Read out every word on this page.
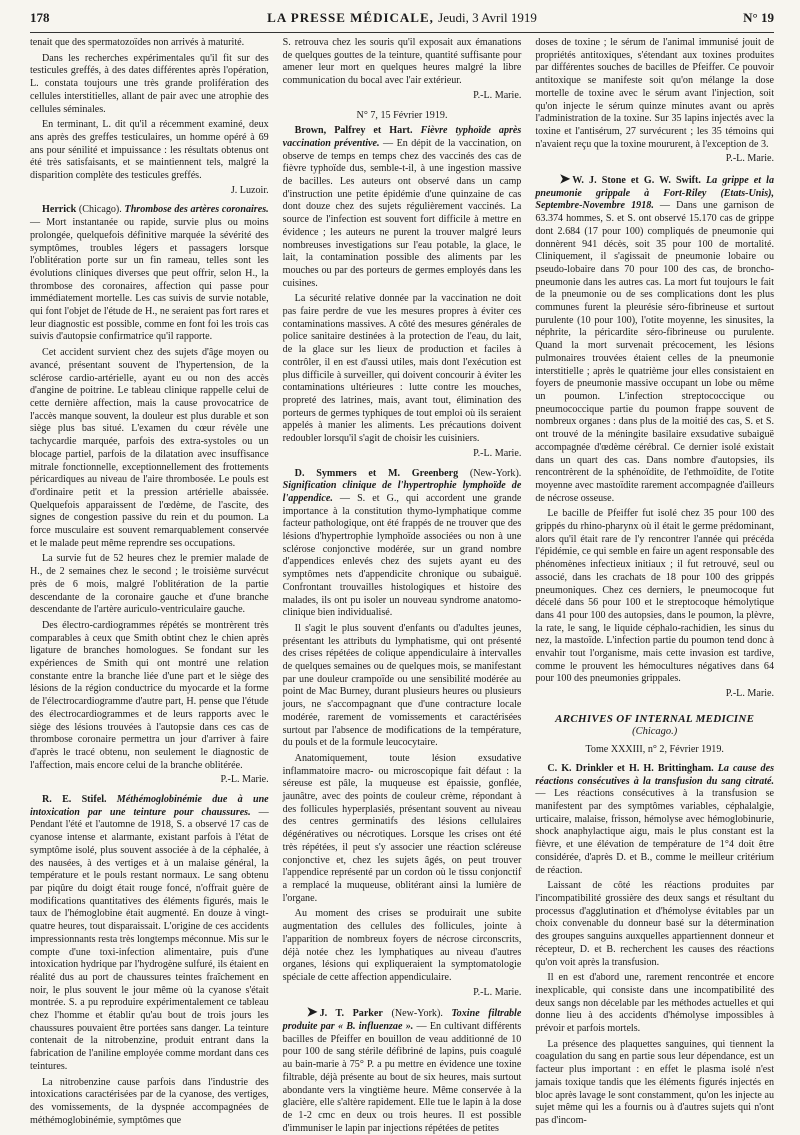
178	LA PRESSE MÉDICALE, Jeudi, 3 Avril 1919	N° 19

tenait que des spermatozoïdes non arrivés à maturité.

Dans les recherches expérimentales qu'il fit sur des testicules greffés, à des dates différentes après l'opération, L. constata toujours une très grande prolifération des cellules interstitielles, allant de pair avec une atrophie des cellules séminales.

En terminant, L. dit qu'il a récemment examiné, deux ans après des greffes testiculaires, un homme opéré à 69 ans pour sénilité et impuissance : les résultats obtenus ont été très satisfaisants, et se maintiennent tels, malgré la disparition complète des testicules greffés.

J. Luzoir.

Herrick (Chicago). Thrombose des artères coronaires. — Mort instantanée ou rapide, survie plus ou moins prolongée, quelquefois définitive marquée la sévérité des symptômes, troubles légers et passagers lorsque l'oblitération porte sur un fin rameau, telles sont les évolutions cliniques diverses que peut offrir, selon H., la thrombose des coronaires, affection qui passe pour immédiatement mortelle. Les cas suivis de survie notable, qui font l'objet de l'étude de H., ne seraient pas fort rares et leur diagnostic est possible, comme en font foi les trois cas suivis d'autopsie confirmatrice qu'il rapporte.

Cet accident survient chez des sujets d'âge moyen ou avancé, présentant souvent de l'hypertension, de la sclérose cardio-artérielle, ayant eu ou non des accès d'angine de poitrine. Le tableau clinique rappelle celui de cette dernière affection, mais la cause provocatrice de l'accès manque souvent, la douleur est plus durable et son siège plus bas situé. L'examen du cœur révèle une tachycardie marquée, parfois des extra-systoles ou un blocage partiel, parfois de la dilatation avec insuffisance mitrale fonctionnelle, exceptionnellement des frottements péricardiques au niveau de l'aire thrombosée. Le pouls est d'ordinaire petit et la pression artérielle abaissée. Quelquefois apparaissent de l'œdème, de l'ascite, des signes de congestion passive du rein et du poumon. La force musculaire est souvent remarquablement conservée et le malade peut même reprendre ses occupations.

La survie fut de 52 heures chez le premier malade de H., de 2 semaines chez le second ; le troisième survécut près de 6 mois, malgré l'oblitération de la partie descendante de la coronaire gauche et d'une branche descendante de l'artère auriculo-ventriculaire gauche.

Des électro-cardiogrammes répétés se montrèrent très comparables à ceux que Smith obtint chez le chien après ligature de branches homologues. Se fondant sur les expériences de Smith qui ont montré une relation constante entre la branche liée d'une part et le siège des lésions de la région conductrice du myocarde et la forme de l'électrocardiogramme d'autre part, H. pense que l'étude des électrocardiogrammes et de leurs rapports avec le siège des lésions trouvées à l'autopsie dans ces cas de thrombose coronaire permettra un jour d'arriver à faire d'après le tracé obtenu, non seulement le diagnostic de l'affection, mais encore celui de la branche oblitérée.

P.-L. Marie.

R. E. Stifel. Méthémoglobinémie due à une intoxication par une teinture pour chaussures. — Pendant l'été et l'automne de 1918, S. a observé 17 cas de cyanose intense et alarmante, existant parfois à l'état de symptôme isolé, plus souvent associée à de la céphalée, à des nausées, à des vertiges et à un malaise général, la température et le pouls restant normaux. Le sang obtenu par piqûre du doigt était rouge foncé, n'offrait guère de modifications quantitatives des éléments figurés, mais le taux de l'hémoglobine était augmenté. En douze à vingt-quatre heures, tout disparaissait. L'origine de ces accidents impressionnants resta très longtemps méconnue. Mis sur le compte d'une toxi-infection alimentaire, puis d'une intoxication hydrique par l'hydrogène sulfuré, ils étaient en réalité dus au port de chaussures teintes fraîchement en noir, le plus souvent le jour même où la cyanose s'était montrée. S. a pu reproduire expérimentalement ce tableau chez l'homme et établir qu'au bout de trois jours les chaussures pouvaient être portées sans danger. La teinture contenait de la nitrobenzine, produit entrant dans la fabrication de l'aniline employée comme mordant dans ces teintures.

La nitrobenzine cause parfois dans l'industrie des intoxications caractérisées par de la cyanose, des vertiges, des vomissements, de la dyspnée accompagnées de méthémoglobinémie, symptômes que

S. retrouva chez les souris qu'il exposait aux émanations de quelques gouttes de la teinture, quantité suffisante pour amener leur mort en quelques heures malgré la libre communication du bocal avec l'air extérieur.

P.-L. Marie.

N° 7, 15 Février 1919.

Brown, Palfrey et Hart. Fièvre typhoïde après vaccination préventive. — En dépit de la vaccination, on observe de temps en temps chez des vaccinés des cas de fièvre typhoïde dus, semble-t-il, à une ingestion massive de bacilles. Les auteurs ont observé dans un camp d'instruction une petite épidémie d'une quinzaine de cas dont douze chez des sujets régulièrement vaccinés. La source de l'infection est souvent fort difficile à mettre en évidence ; les auteurs ne purent la trouver malgré leurs nombreuses investigations sur l'eau potable, la glace, le lait, la contamination possible des aliments par les mouches ou par des porteurs de germes employés dans les cuisines.

La sécurité relative donnée par la vaccination ne doit pas faire perdre de vue les mesures propres à éviter ces contaminations massives. A côté des mesures générales de police sanitaire destinées à la protection de l'eau, du lait, de la glace sur les lieux de production et faciles à contrôler, il en est d'aussi utiles, mais dont l'exécution est plus difficile à surveiller, qui doivent concourir à éviter les contaminations ultérieures : lutte contre les mouches, propreté des latrines, mais, avant tout, élimination des porteurs de germes typhiques de tout emploi où ils seraient appelés à manier les aliments. Les précautions doivent redoubler lorsqu'il s'agit de choisir les cuisiniers.

P.-L. Marie.

D. Symmers et M. Greenberg (New-York). Signification clinique de l'hypertrophie lymphoïde de l'appendice. — S. et G., qui accordent une grande importance à la constitution thymo-lymphatique comme facteur pathologique, ont été frappés de ne trouver que des lésions d'hypertrophie lymphoïde associées ou non à une sclérose conjonctive modérée, sur un grand nombre d'appendices enlevés chez des sujets ayant eu des symptômes nets d'appendicite chronique ou subaiguë. Confrontant trouvailles histologiques et histoire des malades, ils ont pu isoler un nouveau syndrome anatomo-clinique bien individualisé.

Il s'agit le plus souvent d'enfants ou d'adultes jeunes, présentant les attributs du lymphatisme, qui ont présenté des crises répétées de colique appendiculaire à intervalles de quelques semaines ou de quelques mois, se manifestant par une douleur crampoïde ou une sensibilité modérée au point de Mac Burney, durant plusieurs heures ou plusieurs jours, ne s'accompagnant que d'une contracture locale modérée, rarement de vomissements et caractérisées surtout par l'absence de modifications de la température, du pouls et de la formule leucocytaire.

Anatomiquement, toute lésion exsudative inflammatoire macro- ou microscopique fait défaut : la séreuse est pâle, la muqueuse est épaissie, gonflée, jaunâtre, avec des points de couleur crème, répondant à des follicules hyperplasiés, présentant souvent au niveau des centres germinatifs des lésions cellulaires dégénératives ou nécrotiques. Lorsque les crises ont été très répétées, il peut s'y associer une réaction scléreuse conjonctive et, chez les sujets âgés, on peut trouver l'appendice représenté par un cordon où le tissu conjonctif a remplacé la muqueuse, oblitérant ainsi la lumière de l'organe.

Au moment des crises se produirait une subite augmentation des cellules des follicules, jointe à l'apparition de nombreux foyers de nécrose circonscrits, déjà notée chez les lymphatiques au niveau d'autres organes, lésions qui expliqueraient la symptomatologie spéciale de cette affection appendiculaire.

P.-L. Marie.

➤ J. T. Parker (New-York). Toxine filtrable produite par « B. influenzae ». — En cultivant différents bacilles de Pfeiffer en bouillon de veau additionné de 10 pour 100 de sang stérile défibriné de lapins, puis coagulé au bain-marie à 75° P. a pu mettre en évidence une toxine filtrable, déjà présente au bout de six heures, mais surtout abondante vers la vingtième heure. Même conservée à la glacière, elle s'altère rapidement. Elle tue le lapin à la dose de 1-2 cmc en deux ou trois heures. Il est possible d'immuniser le lapin par injections répétées de petites

doses de toxine ; le sérum de l'animal immunisé jouit de propriétés antitoxiques, s'étendant aux toxines produites par différentes souches de bacilles de Pfeiffer. Ce pouvoir antitoxique se manifeste soit qu'on mélange la dose mortelle de toxine avec le sérum avant l'injection, soit qu'on injecte le sérum quinze minutes avant ou après l'administration de la toxine. Sur 35 lapins injectés avec la toxine et l'antisérum, 27 survécurent ; les 35 témoins qui n'avaient reçu que la toxine moururent, à l'exception de 3.

P.-L. Marie.

➤ W. J. Stone et G. W. Swift. La grippe et la pneumonie grippale à Fort-Riley (Etats-Unis), Septembre-Novembre 1918. — Dans une garnison de 63.374 hommes, S. et S. ont observé 15.170 cas de grippe dont 2.684 (17 pour 100) compliqués de pneumonie qui donnèrent 941 décès, soit 35 pour 100 de mortalité. Cliniquement, il s'agissait de pneumonie lobaire ou pseudo-lobaire dans 70 pour 100 des cas, de broncho-pneumonie dans les autres cas. La mort fut toujours le fait de la pneumonie ou de ses complications dont les plus communes furent la pleurésie séro-fibrineuse et surtout purulente (10 pour 100), l'otite moyenne, les sinusites, la néphrite, la péricardite séro-fibrineuse ou purulente. Quand la mort survenait précocement, les lésions pulmonaires trouvées étaient celles de la pneumonie interstitielle ; après le quatrième jour elles consistaient en foyers de pneumonie massive occupant un lobe ou même un poumon. L'infection streptococcique ou pneumococcique partie du poumon frappe souvent de nombreux organes : dans plus de la moitié des cas, S. et S. ont trouvé de la méningite basilaire exsudative subaiguë accompagnée d'œdème cérébral. Ce dernier isolé existait dans un quart des cas. Dans nombre d'autopsies, ils rencontrèrent de la sphénoïdite, de l'ethmoïdite, de l'otite moyenne avec mastoïdite rarement accompagnée d'ailleurs de nécrose osseuse.

Le bacille de Pfeiffer fut isolé chez 35 pour 100 des grippés du rhino-pharynx où il était le germe prédominant, alors qu'il était rare de l'y rencontrer l'année qui précéda l'épidémie, ce qui semble en faire un agent responsable des phénomènes infectieux initiaux ; il fut retrouvé, seul ou associé, dans les crachats de 18 pour 100 des grippés pneumoniques. Chez ces derniers, le pneumocoque fut décelé dans 56 pour 100 et le streptocoque hémolytique dans 41 pour 100 des autopsies, dans le poumon, la plèvre, la rate, le sang, le liquide céphalo-rachidien, les sinus du nez, la mastoïde. L'infection partie du poumon tend donc à envahir tout l'organisme, mais cette invasion est tardive, comme le prouvent les hémocultures négatives dans 64 pour 100 des pneumonies grippales.

P.-L. Marie.
ARCHIVES OF INTERNAL MEDICINE
(Chicago.)
Tome XXXIII, n° 2, Février 1919.

C. K. Drinkler et H. H. Brittingham. La cause des réactions consécutives à la transfusion du sang citraté. — Les réactions consécutives à la transfusion se manifestent par des symptômes variables, céphalalgie, urticaire, malaise, frisson, hémolyse avec hémoglobinurie, shock anaphylactique aigu, mais le plus constant est la fièvre, et une élévation de température de 1°4 doit être considérée, d'après D. et B., comme le meilleur critérium de réaction.

Laissant de côté les réactions produites par l'incompatibilité grossière des deux sangs et résultant du processus d'agglutination et d'hémolyse évitables par un choix convenable du donneur basé sur la détermination des groupes sanguins auxquelles appartiennent donneur et récepteur, D. et B. recherchent les causes des réactions qu'on voit après la transfusion.

Il en est d'abord une, rarement rencontrée et encore inexplicable, qui consiste dans une incompatibilité des deux sangs non décelable par les méthodes actuelles et qui donne lieu à des accidents d'hémolyse impossibles à prévoir et parfois mortels.

La présence des plaquettes sanguines, qui tiennent la coagulation du sang en partie sous leur dépendance, est un facteur plus important : en effet le plasma isolé n'est jamais toxique tandis que les éléments figurés injectés en bloc après lavage le sont constamment, qu'on les injecte au sujet même qui les a fournis ou à d'autres sujets qui n'ont pas d'incom-
